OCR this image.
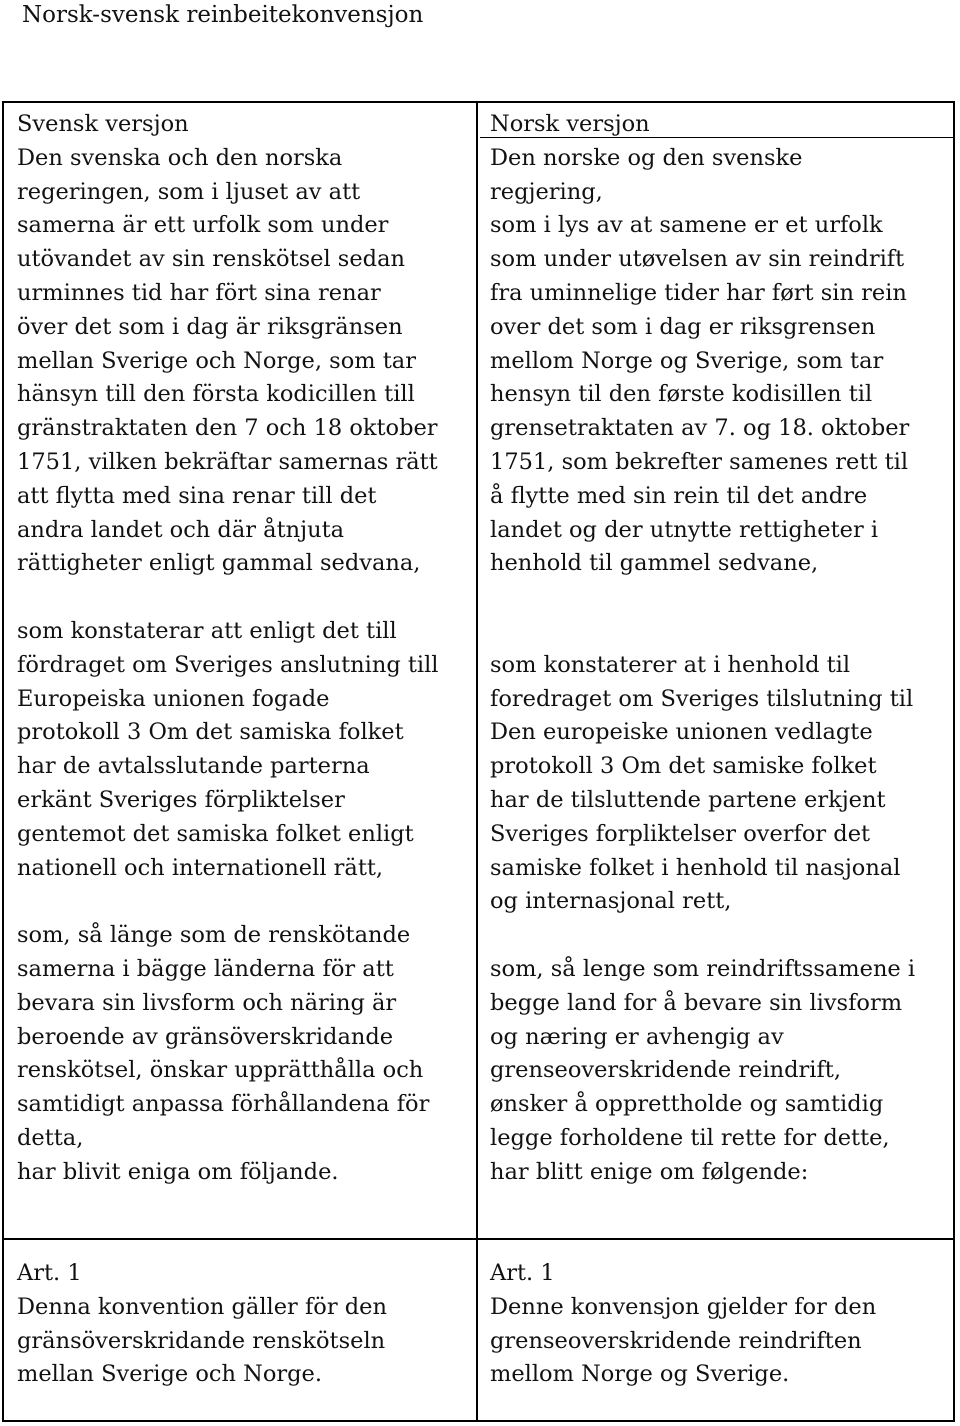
Norsk-svensk reinbeitekonvensjon
Svensk versjon
Den svenska och den norska
regeringen, som i ljuset av att
samerna är ett urfolk som under
utövandet av sin renskötsel sedan
urminnes tid har fört sina renar
över det som i dag är riksgränsen
mellan Sverige och Norge, som tar
hänsyn till den första kodicillen till
gränstraktaten den 7 och 18 oktober
1751, vilken bekräftar samernas rätt
att flytta med sina renar till det
andra landet och där åtnjuta
rättigheter enligt gammal sedvana,
som konstaterar att enligt det till
fördraget om Sveriges anslutning till
Europeiska unionen fogade
protokoll 3 Om det samiska folket
har de avtalsslutande parterna
erkänt Sveriges förpliktelser
gentemot det samiska folket enligt
nationell och internationell rätt,
som, så länge som de renskötande
samerna i bägge länderna för att
bevara sin livsform och näring är
beroende av gränsöverskridande
renskötsel, önskar upprätthålla och
samtidigt anpassa förhållandena för
detta,
har blivit eniga om följande.
Norsk versjon
Den norske og den svenske
regjering,
som i lys av at samene er et urfolk
som under utøvelsen av sin reindrift
fra uminnelige tider har ført sin rein
over det som i dag er riksgrensen
mellom Norge og Sverige, som tar
hensyn til den første kodisillen til
grensetraktaten av 7. og 18. oktober
1751, som bekrefter samenes rett til
å flytte med sin rein til det andre
landet og der utnytte rettigheter i
henhold til gammel sedvane,
som konstaterer at i henhold til
foredraget om Sveriges tilslutning til
Den europeiske unionen vedlagte
protokoll 3 Om det samiske folket
har de tilsluttende partene erkjent
Sveriges forpliktelser overfor det
samiske folket i henhold til nasjonal
og internasjonal rett,
som, så lenge som reindriftssamene i
begge land for å bevare sin livsform
og næring er avhengig av
grenseoverskridende reindrift,
ønsker å opprettholde og samtidig
legge forholdene til rette for dette,
har blitt enige om følgende:
Art. 1
Denna konvention gäller för den
gränsöverskridande renskötseln
mellan Sverige och Norge.
Art. 1
Denne konvensjon gjelder for den
grenseoverskridende reindriften
mellom Norge og Sverige.
